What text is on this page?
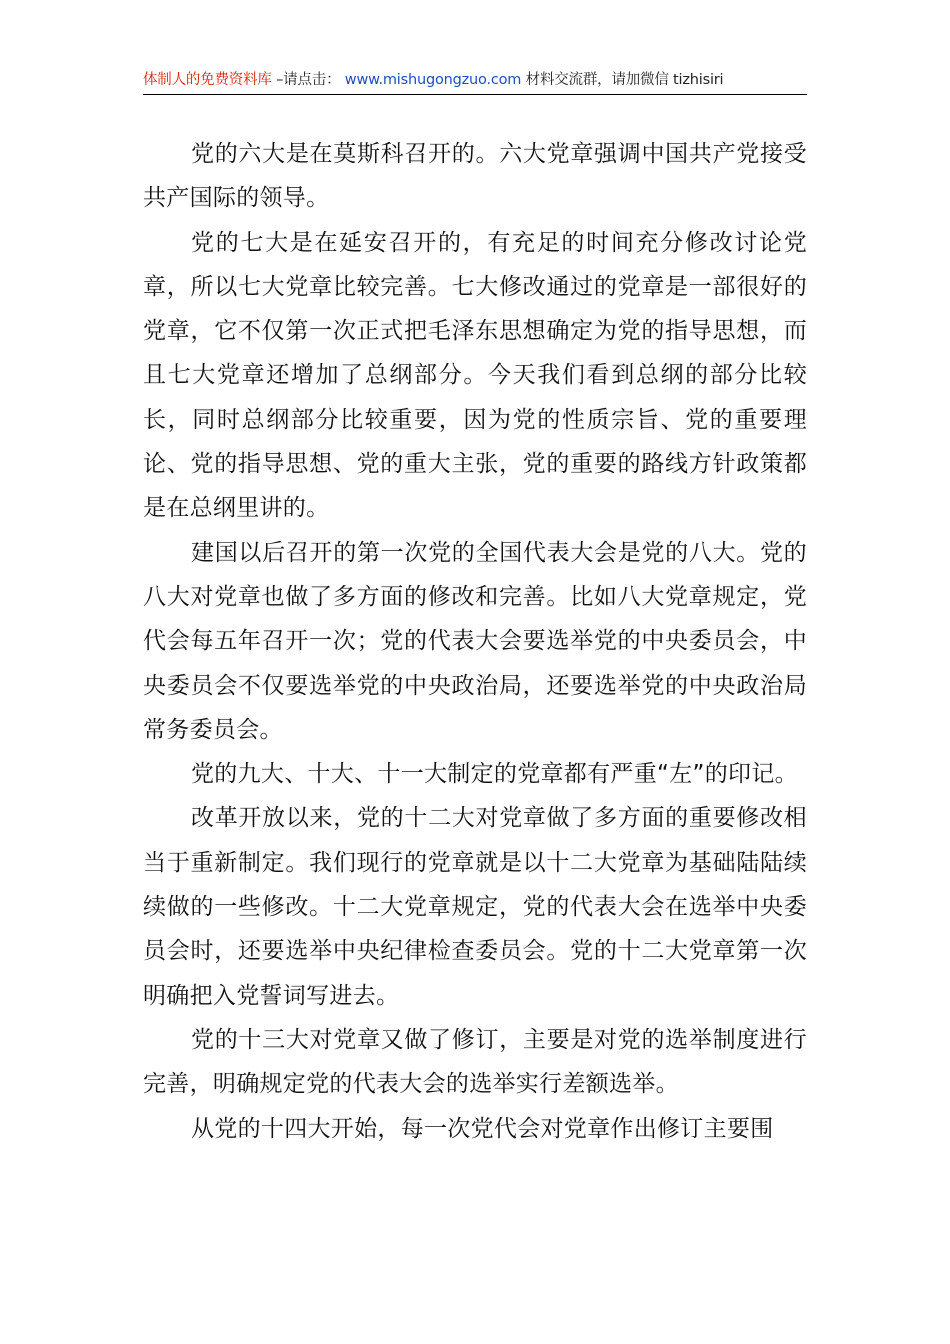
体制人的免费资料库 –请点击： www.mishugongzuo.com 材料交流群，请加微信 tizhisiri

党的六大是在莫斯科召开的。六大党章强调中国共产党接受共产国际的领导。

党的七大是在延安召开的，有充足的时间充分修改讨论党章，所以七大党章比较完善。七大修改通过的党章是一部很好的党章，它不仅第一次正式把毛泽东思想确定为党的指导思想，而且七大党章还增加了总纲部分。今天我们看到总纲的部分比较长，同时总纲部分比较重要，因为党的性质宗旨、党的重要理论、党的指导思想、党的重大主张，党的重要的路线方针政策都是在总纲里讲的。

建国以后召开的第一次党的全国代表大会是党的八大。党的八大对党章也做了多方面的修改和完善。比如八大党章规定，党代会每五年召开一次；党的代表大会要选举党的中央委员会，中央委员会不仅要选举党的中央政治局，还要选举党的中央政治局常务委员会。

党的九大、十大、十一大制定的党章都有严重“左”的印记。

改革开放以来，党的十二大对党章做了多方面的重要修改相当于重新制定。我们现行的党章就是以十二大党章为基础陆陆续续做的一些修改。十二大党章规定，党的代表大会在选举中央委员会时，还要选举中央纪律检查委员会。党的十二大党章第一次明确把入党誓词写进去。

党的十三大对党章又做了修订，主要是对党的选举制度进行完善，明确规定党的代表大会的选举实行差额选举。

从党的十四大开始，每一次党代会对党章作出修订主要围
